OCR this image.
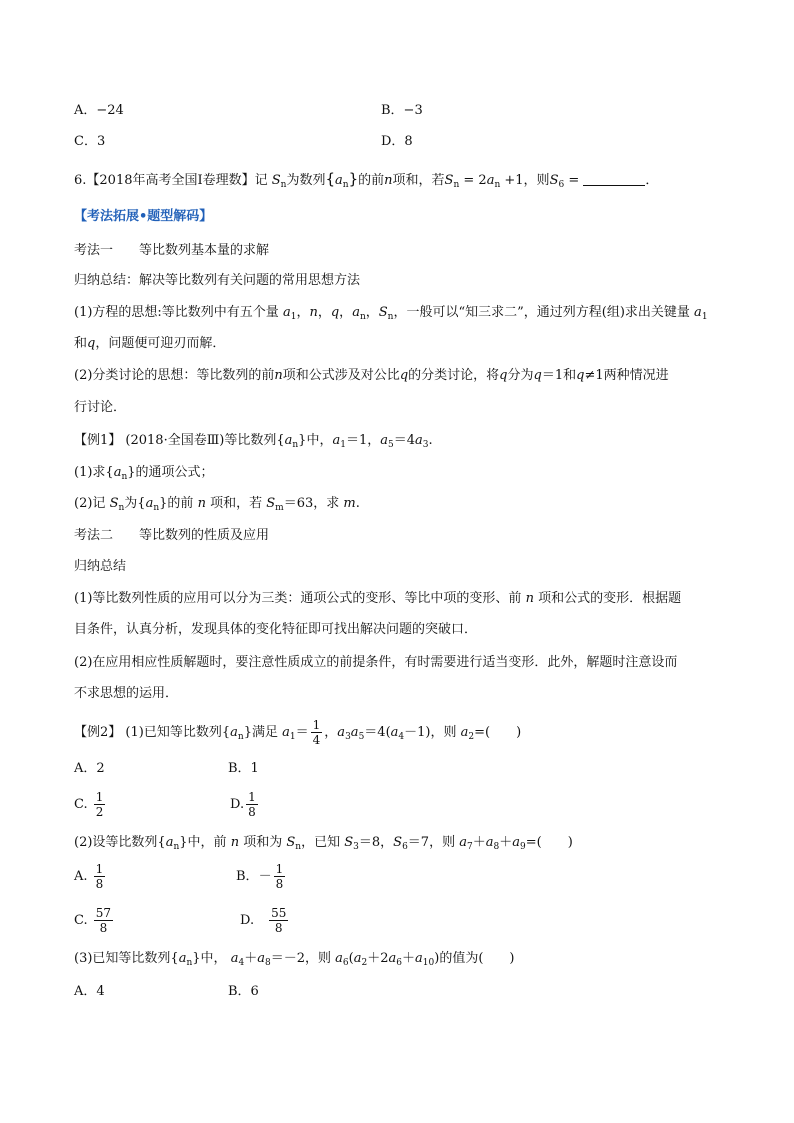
A．−24	B．−3
C．3	D．8
6.【2018年高考全国Ⅰ卷理数】记 $S_n$为数列$\{a_n\}$的前n项和，若$S_n = 2a_n +1$，则$S_6$ =	．
【考法拓展•题型解码】
考法一　　等比数列基本量的求解
归纳总结：解决等比数列有关问题的常用思想方法
(1)方程的思想:等比数列中有五个量 $a_1$，n，q，$a_n$，$S_n$，一般可以“知三求二”，通过列方程(组)求出关键量 $a_1$
和q，问题便可迎刃而解．
(2)分类讨论的思想：等比数列的前n项和公式涉及对公比q的分类讨论，将q分为q＝1和q≠1两种情况进
行讨论．
【例1】 (2018·全国卷Ⅲ)等比数列$\{a_n\}$中，$a_1=1$，$a_5=4a_3$.
(1)求$\{a_n\}$的通项公式；
(2)记 $S_n$为$\{a_n\}$的前 n 项和，若 $S_m=63$，求 m.
考法二　　等比数列的性质及应用
归纳总结
(1)等比数列性质的应用可以分为三类：通项公式的变形、等比中项的变形、前 n 项和公式的变形．根据题
目条件，认真分析，发现具体的变化特征即可找出解决问题的突破口．
(2)在应用相应性质解题时，要注意性质成立的前提条件，有时需要进行适当变形．此外，解题时注意设而
不求思想的运用．
【例2】 (1)已知等比数列$\{a_n\}$满足 $a_1= \frac{1}{4}$ ，$a_3a_5=4(a_4-1)$，则 $a_2=$(　　)
A．2	B．1
C. $\frac{1}{2}$	D. $\frac{1}{8}$
(2)设等比数列$\{a_n\}$中，前 n 项和为 $S_n$，已知 $S_3=8$，$S_6=7$，则 $a_7+a_8+a_9=$(　　)
A. $\frac{1}{8}$	B．－ $\frac{1}{8}$
C. $\frac{57}{8}$	D.　 $\frac{55}{8}$
(3)已知等比数列$\{a_n\}$中， $a_4+a_8=-2$，则 $a_6(a_2+2a_6+a_{10})$的值为(　　)
A．4	B．6
